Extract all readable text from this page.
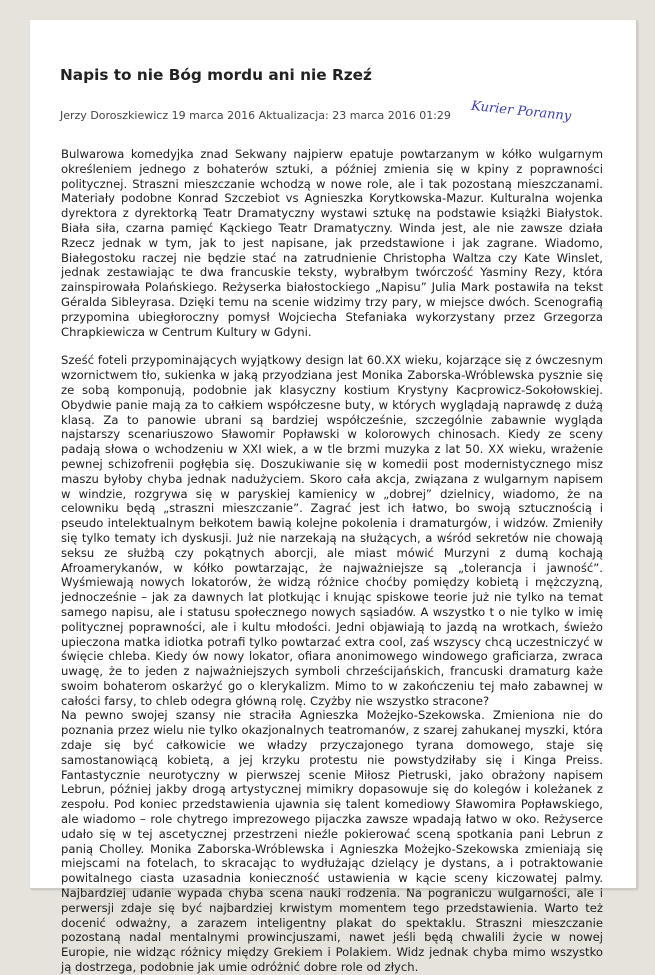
Napis to nie Bóg mordu ani nie Rzeź
Jerzy Doroszkiewicz 19 marca 2016 Aktualizacja: 23 marca 2016 01:29 Kurier Poranny

Bulwarowa komedyjka znad Sekwany najpierw epatuje powtarzanym w kółko wulgarnym określeniem jednego z bohaterów sztuki, a później zmienia się w kpiny z poprawności politycznej. Straszni mieszczanie wchodzą w nowe role, ale i tak pozostaną mieszczanami. Materiały podobne Konrad Szczebiot vs Agnieszka Korytkowska-Mazur. Kulturalna wojenka dyrektora z dyrektorką Teatr Dramatyczny wystawi sztukę na podstawie książki Białystok. Biała siła, czarna pamięć Kąckiego Teatr Dramatyczny. Winda jest, ale nie zawsze działa Rzecz jednak w tym, jak to jest napisane, jak przedstawione i jak zagrane. Wiadomo, Białegostoku raczej nie będzie stać na zatrudnienie Christopha Waltza czy Kate Winslet, jednak zestawiając te dwa francuskie teksty, wybrałbym twórczość Yasminy Rezy, która zainspirowała Polańskiego. Reżyserka białostockiego „Napisu” Julia Mark postawiła na tekst Géralda Sibleyrasa. Dzięki temu na scenie widzimy trzy pary, w miejsce dwóch. Scenografią przypomina ubiegłoroczny pomysł Wojciecha Stefaniaka wykorzystany przez Grzegorza Chrapkiewicza w Centrum Kultury w Gdyni.

Sześć foteli przypominających wyjątkowy design lat 60.XX wieku, kojarzące się z ówczesnym wzornictwem tło, sukienka w jaką przyodziana jest Monika Zaborska-Wróblewska pysznie się ze sobą komponują, podobnie jak klasyczny kostium Krystyny Kacprowicz-Sokołowskiej. Obydwie panie mają za to całkiem współczesne buty, w których wyglądają naprawdę z dużą klasą. Za to panowie ubrani są bardziej współcześnie, szczególnie zabawnie wygląda najstarszy scenariuszowo Sławomir Popławski w kolorowych chinosach. Kiedy ze sceny padają słowa o wchodzeniu w XXI wiek, a w tle brzmi muzyka z lat 50. XX wieku, wrażenie pewnej schizofrenii pogłębia się. Doszukiwanie się w komedii post modernistycznego misz maszu byłoby chyba jednak nadużyciem. Skoro cała akcja, związana z wulgarnym napisem w windzie, rozgrywa się w paryskiej kamienicy w „dobrej” dzielnicy, wiadomo, że na celowniku będą „straszni mieszczanie”. Zagrać jest ich łatwo, bo swoją sztucznością i pseudo intelektualnym bełkotem bawią kolejne pokolenia i dramaturgów, i widzów. Zmieniły się tylko tematy ich dyskusji. Już nie narzekają na służących, a wśród sekretów nie chowają seksu ze służbą czy pokątnych aborcji, ale miast mówić Murzyni z dumą kochają Afroamerykanów, w kółko powtarzając, że najważniejsze są „tolerancja i jawność”. Wyśmiewają nowych lokatorów, że widzą różnice choćby pomiędzy kobietą i mężczyzną, jednocześnie – jak za dawnych lat plotkując i knując spiskowe teorie już nie tylko na temat samego napisu, ale i statusu społecznego nowych sąsiadów. A wszystko t o nie tylko w imię politycznej poprawności, ale i kultu młodości. Jedni objawiają to jazdą na wrotkach, świeżo upieczona matka idiotka potrafi tylko powtarzać extra cool, zaś wszyscy chcą uczestniczyć w święcie chleba. Kiedy ów nowy lokator, ofiara anonimowego windowego graficiarza, zwraca uwagę, że to jeden z najważniejszych symboli chrześcijańskich, francuski dramaturg każe swoim bohaterom oskarżyć go o klerykalizm. Mimo to w zakończeniu tej mało zabawnej w całości farsy, to chleb odegra główną rolę. Czyżby nie wszystko stracone?

Na pewno swojej szansy nie straciła Agnieszka Możejko-Szekowska. Zmieniona nie do poznania przez wielu nie tylko okazjonalnych teatromanów, z szarej zahukanej myszki, która zdaje się być całkowicie we władzy przyczajonego tyrana domowego, staje się samostanowiącą kobietą, a jej krzyku protestu nie powstydziłaby się i Kinga Preiss. Fantastycznie neurotyczny w pierwszej scenie Miłosz Pietruski, jako obrażony napisem Lebrun, później jakby drogą artystycznej mimikry dopasowuje się do kolegów i koleżanek z zespołu. Pod koniec przedstawienia ujawnia się talent komediowy Sławomira Popławskiego, ale wiadomo – role chytrego imprezowego pijaczka zawsze wpadają łatwo w oko. Reżyserce udało się w tej ascetycznej przestrzeni nieźle pokierować sceną spotkania pani Lebrun z panią Cholley. Monika Zaborska-Wróblewska i Agnieszka Możejko-Szekowska zmieniają się miejscami na fotelach, to skracając to wydłużając dzielący je dystans, a i potraktowanie powitalnego ciasta uzasadnia konieczność ustawienia w kącie sceny kiczowatej palmy. Najbardziej udanie wypada chyba scena nauki rodzenia. Na pograniczu wulgarności, ale i perwersji zdaje się być najbardziej krwistym momentem tego przedstawienia. Warto też docenić odważny, a zarazem inteligentny plakat do spektaklu. Straszni mieszczanie pozostaną nadal mentalnymi prowincjuszami, nawet jeśli będą chwalili życie w nowej Europie, nie widząc różnicy między Grekiem i Polakiem. Widz jednak chyba mimo wszystko ją dostrzega, podobnie jak umie odróżnić dobre role od złych.
